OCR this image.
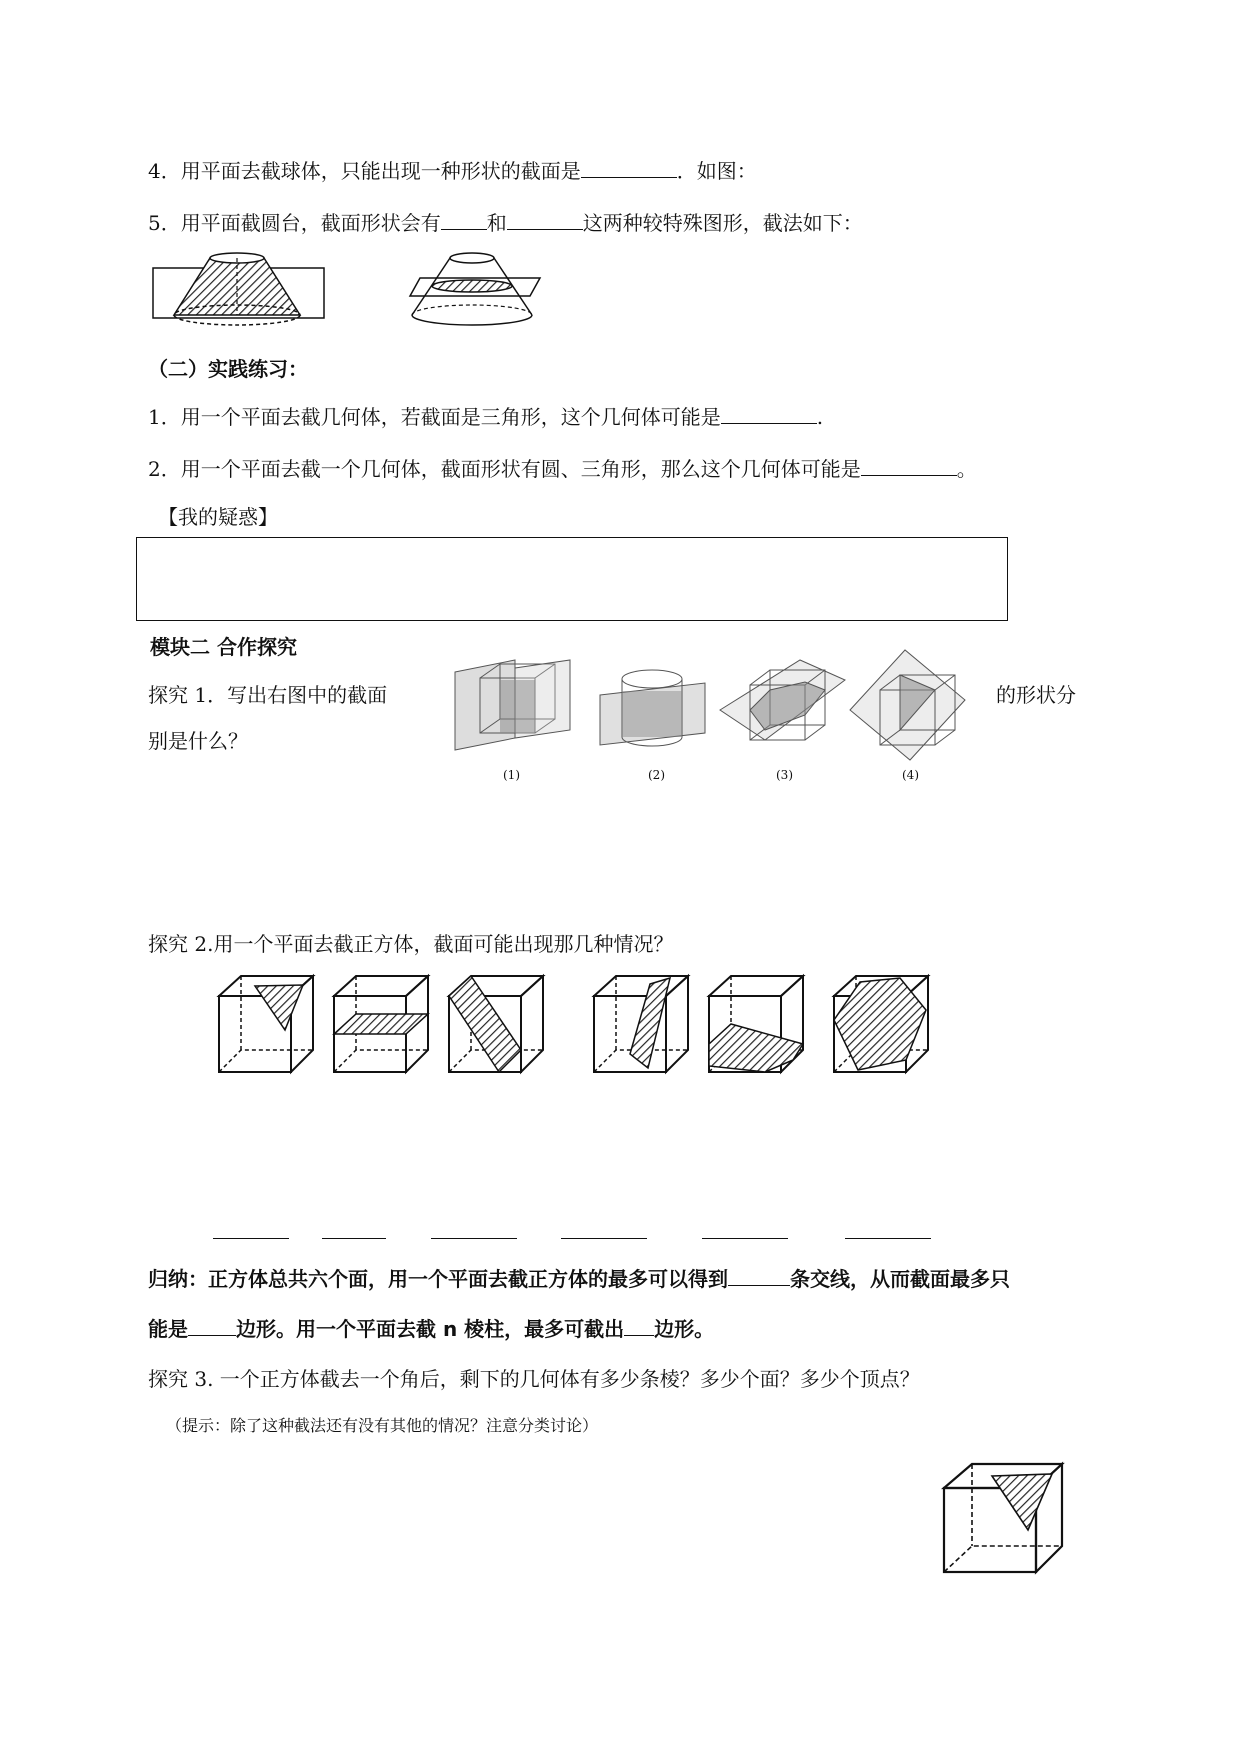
4．用平面去截球体，只能出现一种形状的截面是	．如图：
5．用平面截圆台，截面形状会有 和	这两种较特殊图形，截法如下：
（二）实践练习：
1．用一个平面去截几何体，若截面是三角形，这个几何体可能是	.
2．用一个平面去截一个几何体，截面形状有圆、三角形，那么这个几何体可能是	。
【我的疑惑】
模块二 合作探究
探究 1．写出右图中的截面	的形状分
别是什么？
(1)	(2)	(3)	(4)
探究 2.用一个平面去截正方体，截面可能出现那几种情况？
归纳：正方体总共六个面，用一个平面去截正方体的最多可以得到	条交线，从而截面最多只
能是 边形。用一个平面去截 n 棱柱，最多可截出 边形。
探究 3. 一个正方体截去一个角后，剩下的几何体有多少条棱？多少个面？多少个顶点？
（提示：除了这种截法还有没有其他的情况？注意分类讨论）
